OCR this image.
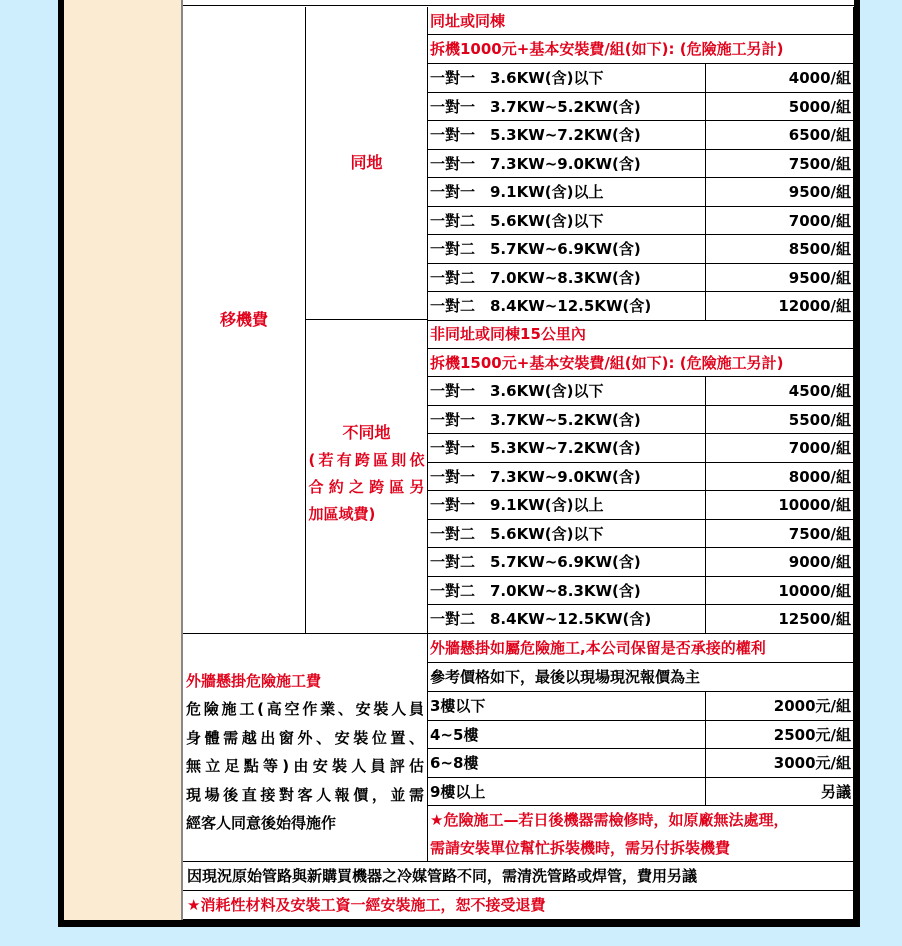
移機費
同地
不同地
(若有跨區則依
合約之跨區另
加區域費)
同址或同棟
拆機1000元+基本安裝費/組(如下): (危險施工另計)
一對一　3.6KW(含)以下	4000/組
一對一　3.7KW~5.2KW(含)	5000/組
一對一　5.3KW~7.2KW(含)	6500/組
一對一　7.3KW~9.0KW(含)	7500/組
一對一　9.1KW(含)以上	9500/組
一對二　5.6KW(含)以下	7000/組
一對二　5.7KW~6.9KW(含)	8500/組
一對二　7.0KW~8.3KW(含)	9500/組
一對二　8.4KW~12.5KW(含)	12000/組
非同址或同棟15公里內
拆機1500元+基本安裝費/組(如下): (危險施工另計)
一對一　3.6KW(含)以下	4500/組
一對一　3.7KW~5.2KW(含)	5500/組
一對一　5.3KW~7.2KW(含)	7000/組
一對一　7.3KW~9.0KW(含)	8000/組
一對一　9.1KW(含)以上	10000/組
一對二　5.6KW(含)以下	7500/組
一對二　5.7KW~6.9KW(含)	9000/組
一對二　7.0KW~8.3KW(含)	10000/組
一對二　8.4KW~12.5KW(含)	12500/組
外牆懸掛危險施工費
危險施工(高空作業、安裝人員
身體需越出窗外、安裝位置、
無立足點等)由安裝人員評估
現場後直接對客人報價，並需
經客人同意後始得施作
外牆懸掛如屬危險施工,本公司保留是否承接的權利
參考價格如下，最後以現場現況報價為主
3樓以下	2000元/組
4~5樓	2500元/組
6~8樓	3000元/組
9樓以上	另議
★危險施工—若日後機器需檢修時，如原廠無法處理，
需請安裝單位幫忙拆裝機時，需另付拆裝機費
因現況原始管路與新購買機器之冷媒管路不同，需清洗管路或焊管，費用另議
★消耗性材料及安裝工資一經安裝施工，恕不接受退費
